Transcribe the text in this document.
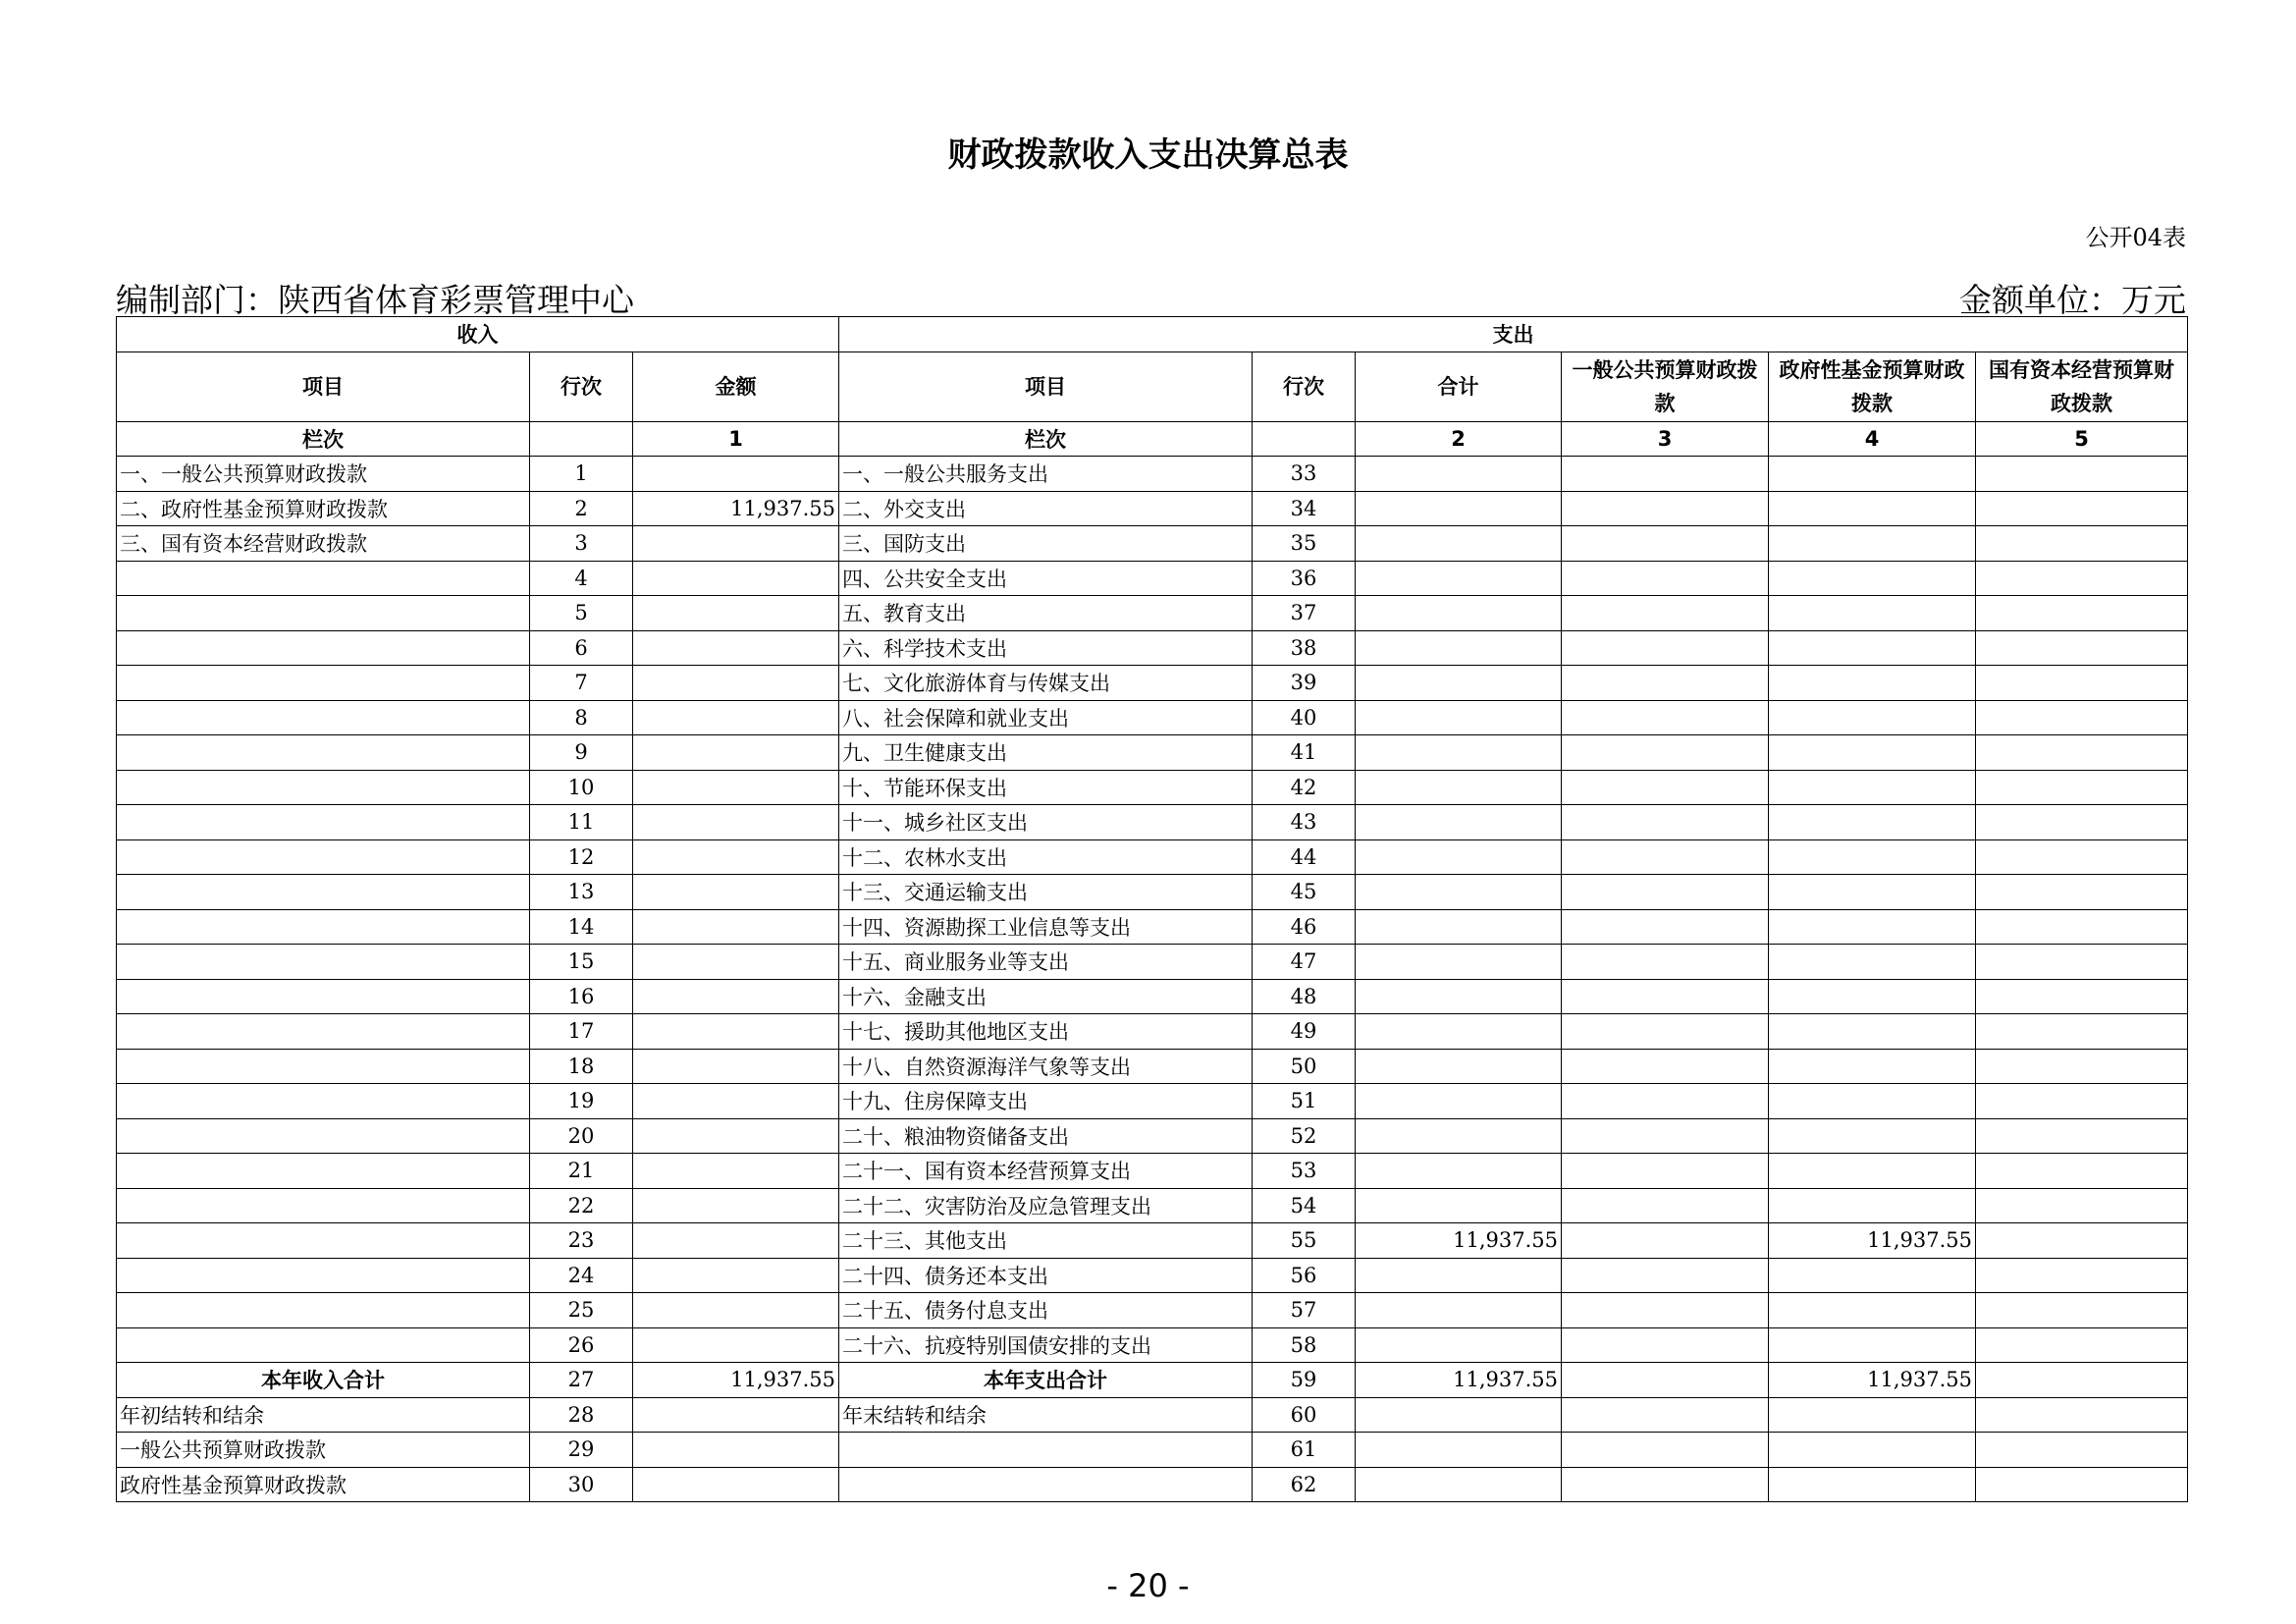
财政拨款收入支出决算总表
公开04表
编制部门：陕西省体育彩票管理中心	金额单位：万元
收入			支出					
项目	行次	金额	项目	行次	合计	一般公共预算财政拨款	政府性基金预算财政拨款	国有资本经营预算财政拨款
栏次		1	栏次		2	3	4	5
一、一般公共预算财政拨款	1		一、一般公共服务支出	33				
二、政府性基金预算财政拨款	2	11,937.55	二、外交支出	34				
三、国有资本经营财政拨款	3		三、国防支出	35				
	4		四、公共安全支出	36				
	5		五、教育支出	37				
	6		六、科学技术支出	38				
	7		七、文化旅游体育与传媒支出	39				
	8		八、社会保障和就业支出	40				
	9		九、卫生健康支出	41				
	10		十、节能环保支出	42				
	11		十一、城乡社区支出	43				
	12		十二、农林水支出	44				
	13		十三、交通运输支出	45				
	14		十四、资源勘探工业信息等支出	46				
	15		十五、商业服务业等支出	47				
	16		十六、金融支出	48				
	17		十七、援助其他地区支出	49				
	18		十八、自然资源海洋气象等支出	50				
	19		十九、住房保障支出	51				
	20		二十、粮油物资储备支出	52				
	21		二十一、国有资本经营预算支出	53				
	22		二十二、灾害防治及应急管理支出	54				
	23		二十三、其他支出	55	11,937.55		11,937.55	
	24		二十四、债务还本支出	56				
	25		二十五、债务付息支出	57				
	26		二十六、抗疫特别国债安排的支出	58				
本年收入合计	27	11,937.55	本年支出合计	59	11,937.55		11,937.55	
年初结转和结余	28		年末结转和结余	60				
一般公共预算财政拨款	29			61				
政府性基金预算财政拨款	30			62				
- 20 -
